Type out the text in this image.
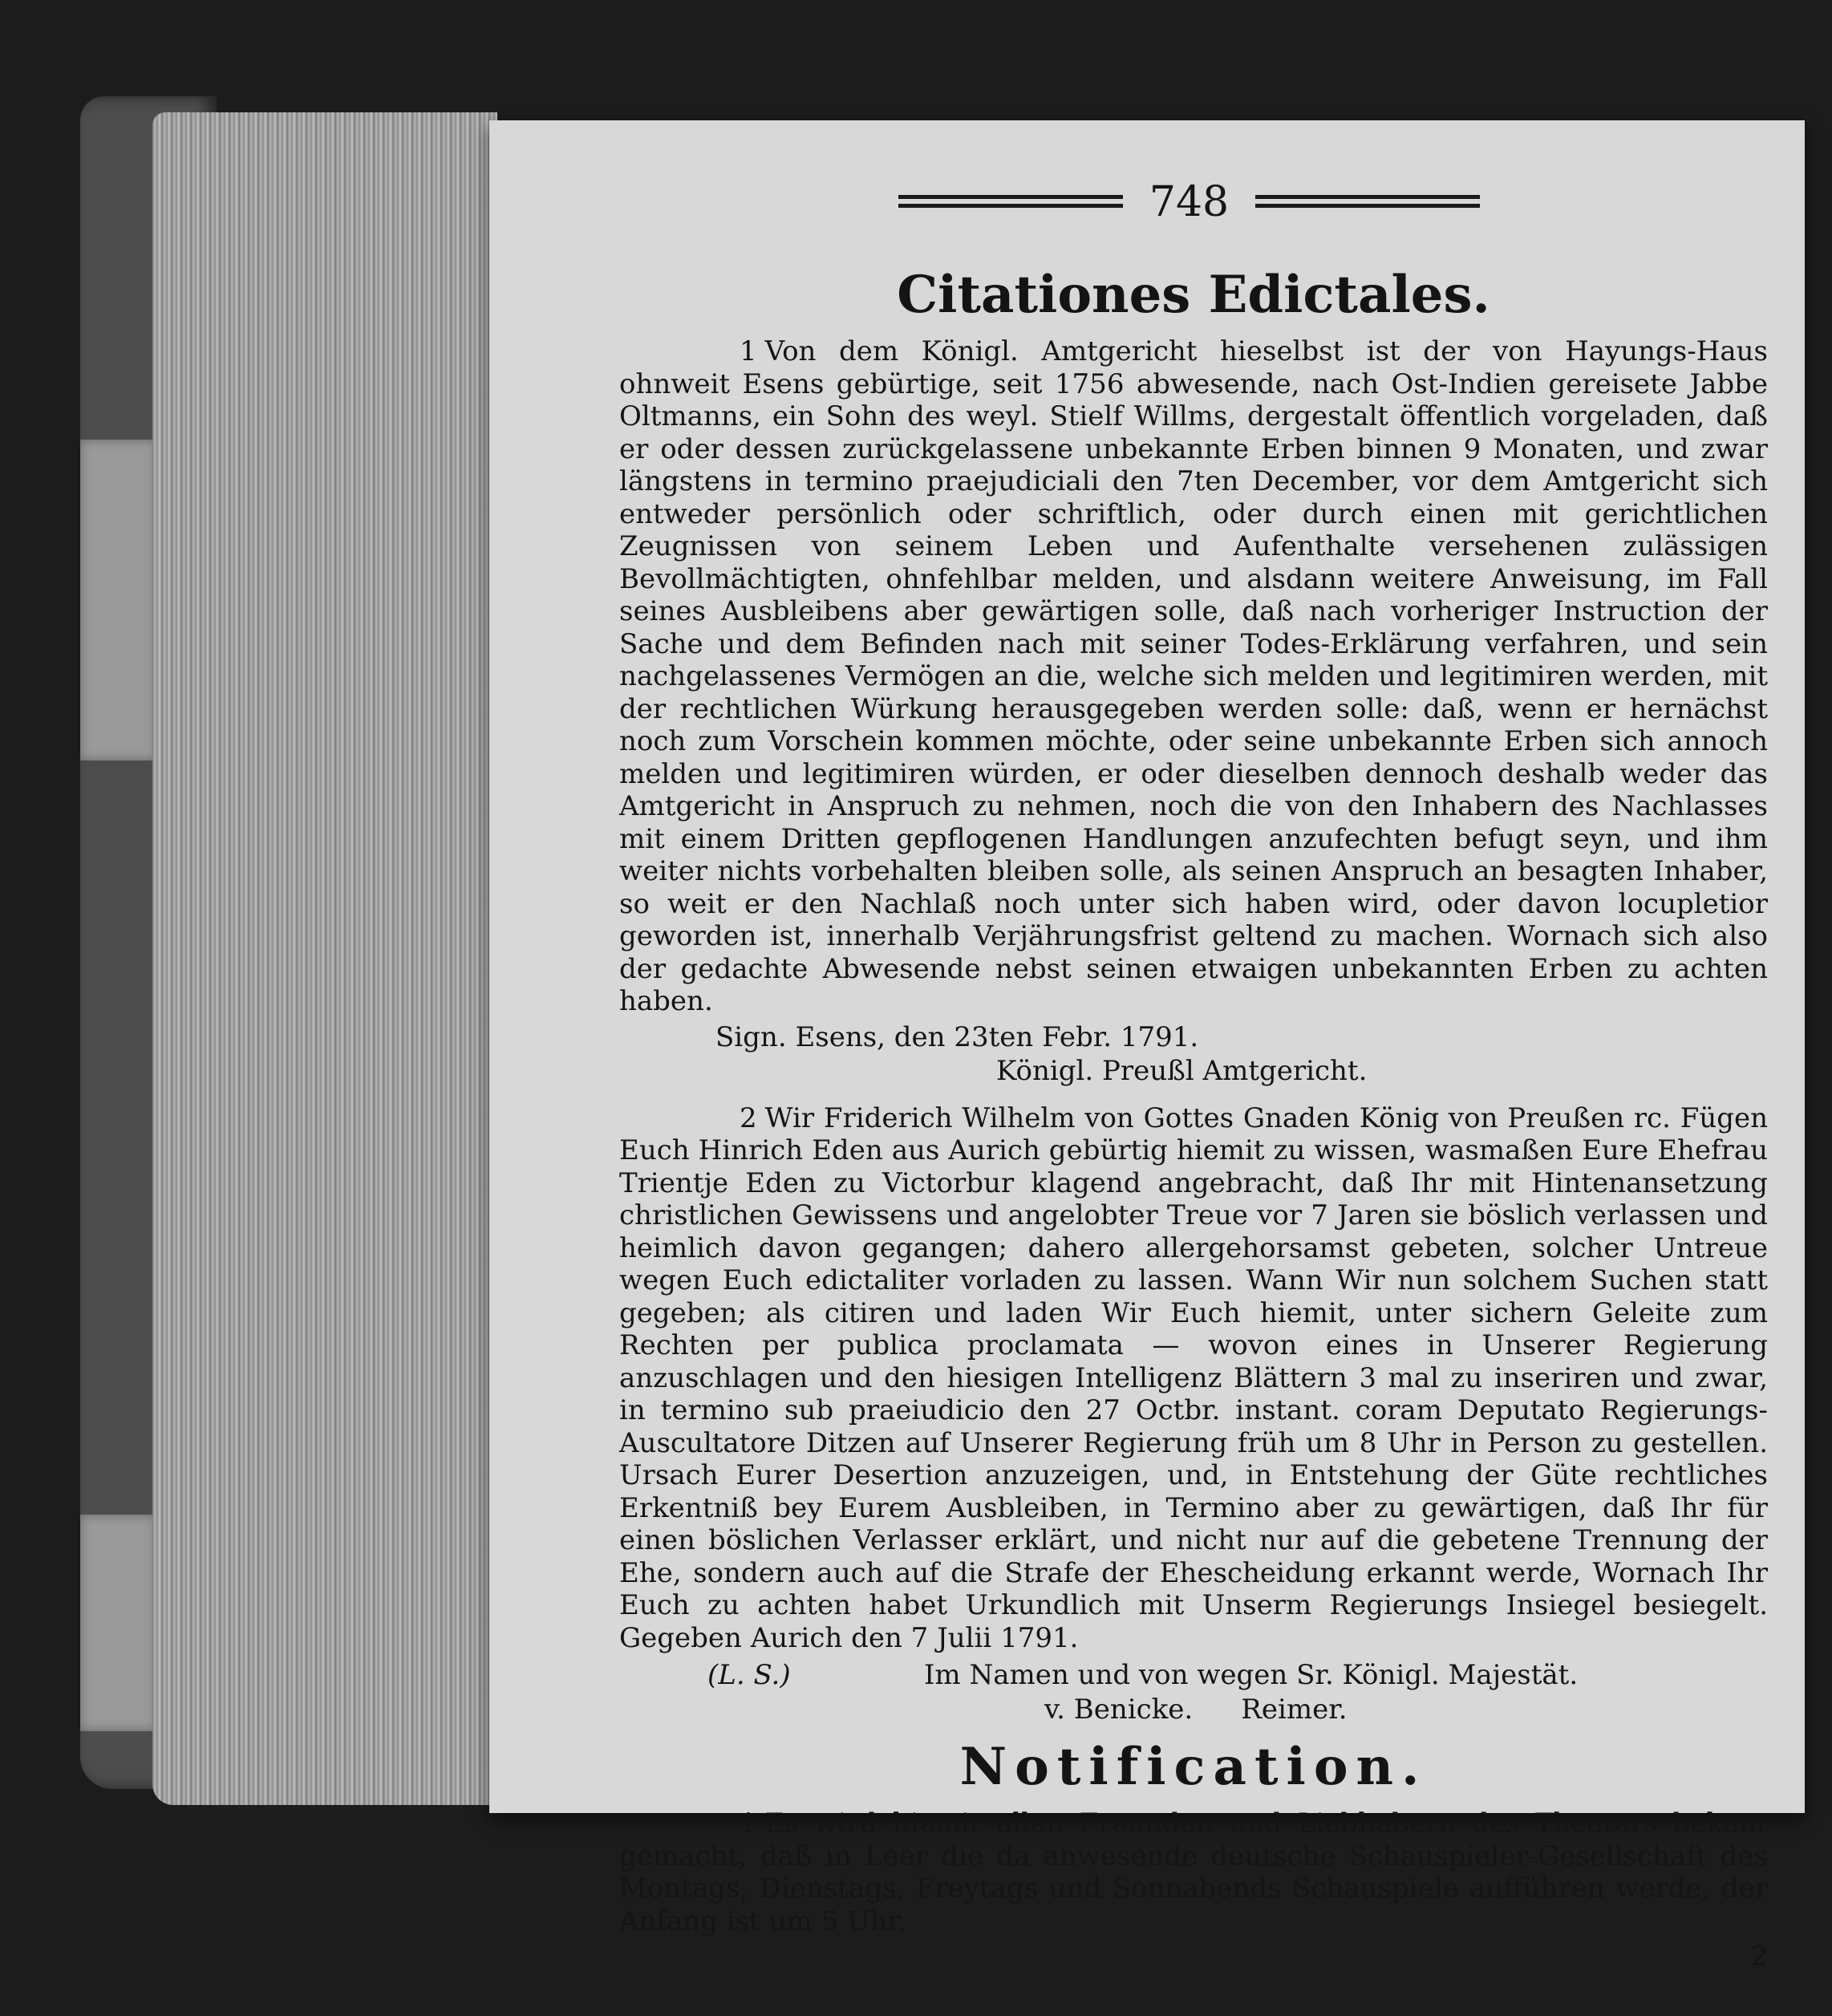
748
Citationes Edictales.

1 Von dem Königl. Amtgericht hieselbst ist der von Hayungs-Haus ohnweit Esens gebürtige, seit 1756 abwesende, nach Ost-Indien gereisete Jabbe Oltmanns, ein Sohn des weyl. Stielf Willms, dergestalt öffentlich vorgeladen, daß er oder dessen zurückgelassene unbekannte Erben binnen 9 Monaten, und zwar längstens in termino praejudiciali den 7ten December, vor dem Amtgericht sich entweder persönlich oder schriftlich, oder durch einen mit gerichtlichen Zeugnissen von seinem Leben und Aufenthalte versehenen zulässigen Bevollmächtigten, ohnfehlbar melden, und alsdann weitere Anweisung, im Fall seines Ausbleibens aber gewärtigen solle, daß nach vorheriger Instruction der Sache und dem Befinden nach mit seiner Todes-Erklärung verfahren, und sein nachgelassenes Vermögen an die, welche sich melden und legitimiren werden, mit der rechtlichen Würkung herausgegeben werden solle: daß, wenn er hernächst noch zum Vorschein kommen möchte, oder seine unbekannte Erben sich annoch melden und legitimiren würden, er oder dieselben dennoch deshalb weder das Amtgericht in Anspruch zu nehmen, noch die von den Inhabern des Nachlasses mit einem Dritten gepflogenen Handlungen anzufechten befugt seyn, und ihm weiter nichts vorbehalten bleiben solle, als seinen Anspruch an besagten Inhaber, so weit er den Nachlaß noch unter sich haben wird, oder davon locupletior geworden ist, innerhalb Verjährungsfrist geltend zu machen. Wornach sich also der gedachte Abwesende nebst seinen etwaigen unbekannten Erben zu achten haben.

Sign. Esens, den 23ten Febr. 1791.

Königl. Preußl Amtgericht.

2 Wir Friderich Wilhelm von Gottes Gnaden König von Preußen rc. Fügen Euch Hinrich Eden aus Aurich gebürtig hiemit zu wissen, wasmaßen Eure Ehefrau Trientje Eden zu Victorbur klagend angebracht, daß Ihr mit Hintenansetzung christlichen Gewissens und angelobter Treue vor 7 Jaren sie böslich verlassen und heimlich davon gegangen; dahero allergehorsamst gebeten, solcher Untreue wegen Euch edictaliter vorladen zu lassen. Wann Wir nun solchem Suchen statt gegeben; als citiren und laden Wir Euch hiemit, unter sichern Geleite zum Rechten per publica proclamata — wovon eines in Unserer Regierung anzuschlagen und den hiesigen Intelligenz Blättern 3 mal zu inseriren und zwar, in termino sub praeiudicio den 27 Octbr. instant. coram Deputato Regierungs-Auscultatore Ditzen auf Unserer Regierung früh um 8 Uhr in Person zu gestellen. Ursach Eurer Desertion anzuzeigen, und, in Entstehung der Güte rechtliches Erkentniß bey Eurem Ausbleiben, in Termino aber zu gewärtigen, daß Ihr für einen böslichen Verlasser erklärt, und nicht nur auf die gebetene Trennung der Ehe, sondern auch auf die Strafe der Ehescheidung erkannt werde, Wornach Ihr Euch zu achten habet Urkundlich mit Unserm Regierungs Insiegel besiegelt. Gegeben Aurich den 7 Julii 1791.

(L. S.)	Im Namen und von wegen Sr. Königl. Majestät.

v. Benicke. Reimer.

Notification.

1 Es wird hiemit allen Freunden und Liebhabern des Theaters bekant gemacht, daß in Leer die da anwesende deutsche Schauspieler-Gesellschaft des Montags, Dienstags, Freytags und Sonnabends Schauspiele aufführen werde, der Anfang ist um 5 Uhr.

2
